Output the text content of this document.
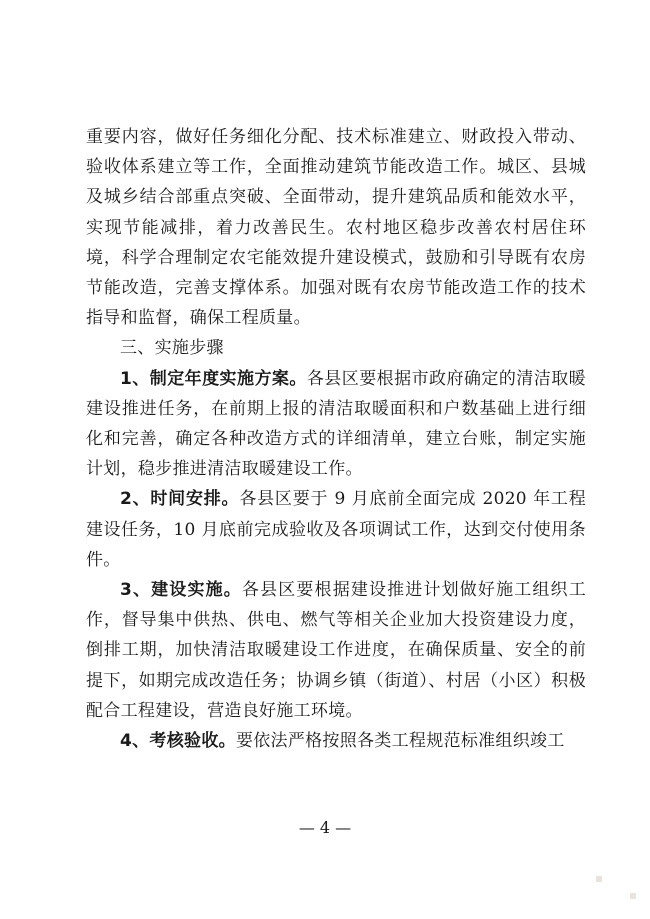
重要内容，做好任务细化分配、技术标准建立、财政投入带动、验收体系建立等工作，全面推动建筑节能改造工作。城区、县城及城乡结合部重点突破、全面带动，提升建筑品质和能效水平，实现节能减排，着力改善民生。农村地区稳步改善农村居住环境，科学合理制定农宅能效提升建设模式，鼓励和引导既有农房节能改造，完善支撑体系。加强对既有农房节能改造工作的技术指导和监督，确保工程质量。

三、实施步骤

1、制定年度实施方案。各县区要根据市政府确定的清洁取暖建设推进任务，在前期上报的清洁取暖面积和户数基础上进行细化和完善，确定各种改造方式的详细清单，建立台账，制定实施计划，稳步推进清洁取暖建设工作。

2、时间安排。各县区要于 9 月底前全面完成 2020 年工程建设任务，10 月底前完成验收及各项调试工作，达到交付使用条件。

3、建设实施。各县区要根据建设推进计划做好施工组织工作，督导集中供热、供电、燃气等相关企业加大投资建设力度，倒排工期，加快清洁取暖建设工作进度，在确保质量、安全的前提下，如期完成改造任务；协调乡镇（街道）、村居（小区）积极配合工程建设，营造良好施工环境。

4、考核验收。要依法严格按照各类工程规范标准组织竣工

— 4 —
